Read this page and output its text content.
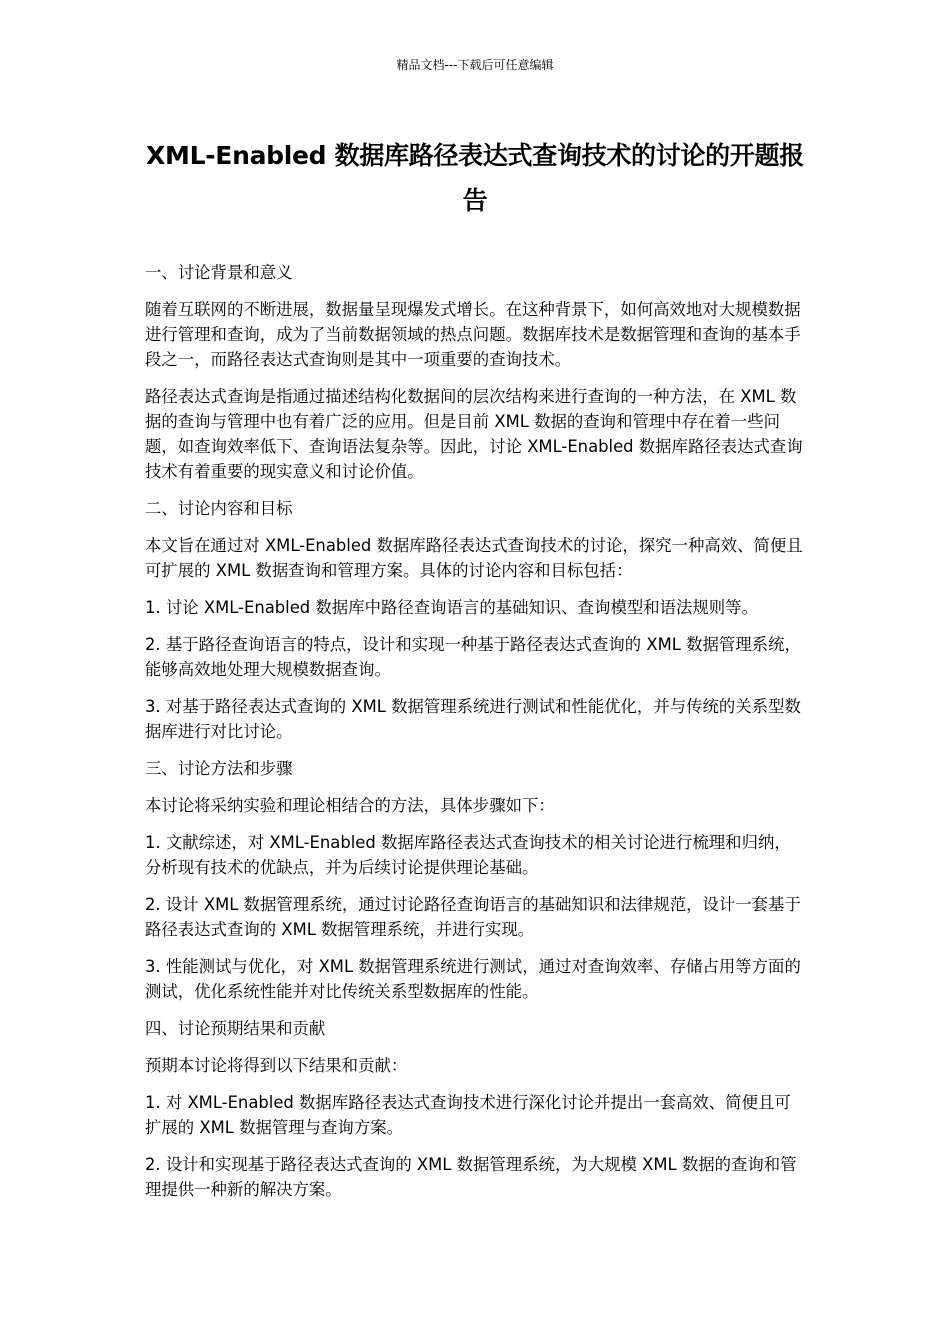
精品文档---下载后可任意编辑
XML-Enabled 数据库路径表达式查询技术的讨论的开题报告

一、讨论背景和意义

随着互联网的不断进展，数据量呈现爆发式增长。在这种背景下，如何高效地对大规模数据进行管理和查询，成为了当前数据领域的热点问题。数据库技术是数据管理和查询的基本手段之一，而路径表达式查询则是其中一项重要的查询技术。

路径表达式查询是指通过描述结构化数据间的层次结构来进行查询的一种方法，在 XML 数据的查询与管理中也有着广泛的应用。但是目前 XML 数据的查询和管理中存在着一些问题，如查询效率低下、查询语法复杂等。因此，讨论 XML-Enabled 数据库路径表达式查询技术有着重要的现实意义和讨论价值。

二、讨论内容和目标

本文旨在通过对 XML-Enabled 数据库路径表达式查询技术的讨论，探究一种高效、简便且可扩展的 XML 数据查询和管理方案。具体的讨论内容和目标包括：

1. 讨论 XML-Enabled 数据库中路径查询语言的基础知识、查询模型和语法规则等。

2. 基于路径查询语言的特点，设计和实现一种基于路径表达式查询的 XML 数据管理系统，能够高效地处理大规模数据查询。

3. 对基于路径表达式查询的 XML 数据管理系统进行测试和性能优化，并与传统的关系型数据库进行对比讨论。

三、讨论方法和步骤

本讨论将采纳实验和理论相结合的方法，具体步骤如下：

1. 文献综述，对 XML-Enabled 数据库路径表达式查询技术的相关讨论进行梳理和归纳，分析现有技术的优缺点，并为后续讨论提供理论基础。

2. 设计 XML 数据管理系统，通过讨论路径查询语言的基础知识和法律规范，设计一套基于路径表达式查询的 XML 数据管理系统，并进行实现。

3. 性能测试与优化，对 XML 数据管理系统进行测试，通过对查询效率、存储占用等方面的测试，优化系统性能并对比传统关系型数据库的性能。

四、讨论预期结果和贡献

预期本讨论将得到以下结果和贡献：

1. 对 XML-Enabled 数据库路径表达式查询技术进行深化讨论并提出一套高效、简便且可扩展的 XML 数据管理与查询方案。

2. 设计和实现基于路径表达式查询的 XML 数据管理系统，为大规模 XML 数据的查询和管理提供一种新的解决方案。
